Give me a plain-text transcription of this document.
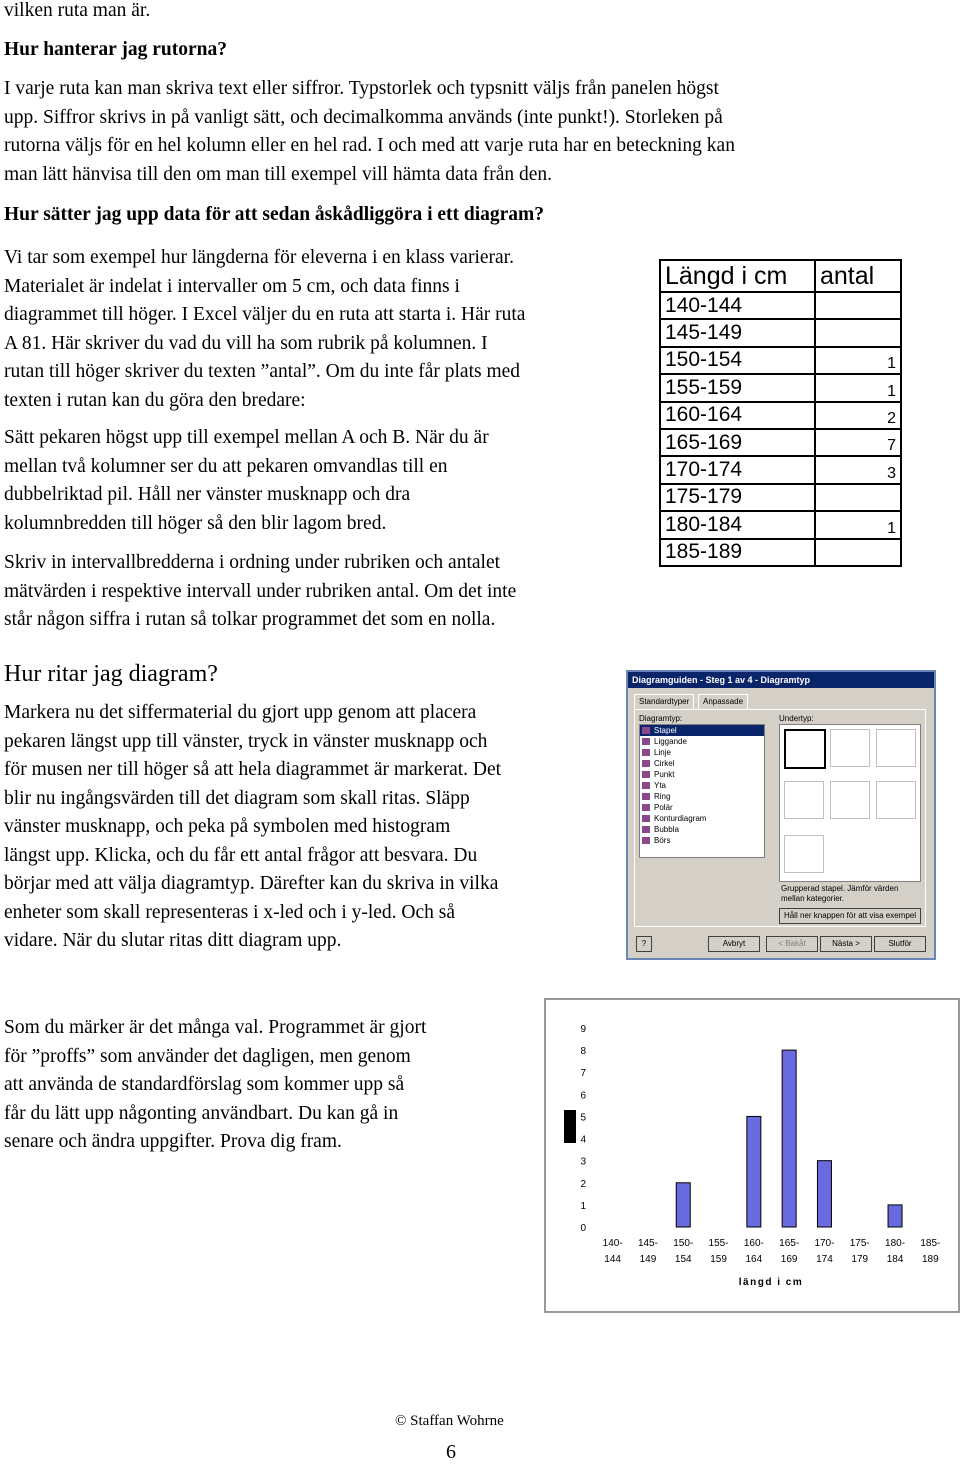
vilken ruta man är.

Hur hanterar jag rutorna?

I varje ruta kan man skriva text eller siffror. Typstorlek och typsnitt väljs från panelen högst

upp. Siffror skrivs in på vanligt sätt, och decimalkomma används (inte punkt!). Storleken på

rutorna väljs för en hel kolumn eller en hel rad. I och med att varje ruta har en beteckning kan

man lätt hänvisa till den om man till exempel vill hämta data från den.

Hur sätter jag upp data för att sedan åskådliggöra i ett diagram?

Vi tar som exempel hur längderna för eleverna i en klass varierar.

Materialet är indelat i intervaller om 5 cm, och data finns i

diagrammet till höger. I Excel väljer du en ruta att starta i. Här ruta

A 81. Här skriver du vad du vill ha som rubrik på kolumnen. I

rutan till höger skriver du texten ”antal”. Om du inte får plats med

texten i rutan kan du göra den bredare:

Sätt pekaren högst upp till exempel mellan A och B. När du är

mellan två kolumner ser du att pekaren omvandlas till en

dubbelriktad pil. Håll ner vänster musknapp och dra

kolumnbredden till höger så den blir lagom bred.

Skriv in intervallbredderna i ordning under rubriken och antalet

mätvärden i respektive intervall under rubriken antal. Om det inte

står någon siffra i rutan så tolkar programmet det som en nolla.

Längd i cm	antal
140-144	
145-149	
150-154	1
155-159	1
160-164	2
165-169	7
170-174	3
175-179	
180-184	1
185-189	
Hur ritar jag diagram?

Markera nu det siffermaterial du gjort upp genom att placera

pekaren längst upp till vänster, tryck in vänster musknapp och

för musen ner till höger så att hela diagrammet är markerat. Det

blir nu ingångsvärden till det diagram som skall ritas. Släpp

vänster musknapp, och peka på symbolen med histogram

längst upp. Klicka, och du får ett antal frågor att besvara. Du

börjar med att välja diagramtyp. Därefter kan du skriva in vilka

enheter som skall representeras i x-led och i y-led. Och så

vidare. När du slutar ritas ditt diagram upp.

Diagramguiden - Steg 1 av 4 - Diagramtyp
Standardtyper	Anpassade
Diagramtyp:
Stapel
Liggande
Linje
Cirkel
Punkt
Yta
Ring
Polär
Konturdiagram
Bubbla
Börs
Undertyp:
Grupperad stapel. Jämför värden mellan kategorier.
Håll ner knappen för att visa exempel
?	Avbryt	< Bakåt	Nästa >	Slutför

Som du märker är det många val. Programmet är gjort

för ”proffs” som använder det dagligen, men genom

att använda de standardförslag som kommer upp så

får du lätt upp någonting användbart. Du kan gå in

senare och ändra uppgifter. Prova dig fram.

0
1
2
3
4
5
6
7
8
9
140-
144
145-
149
150-
154
155-
159
160-
164
165-
169
170-
174
175-
179
180-
184
185-
189
längd i cm
© Staffan Wohrne
6
